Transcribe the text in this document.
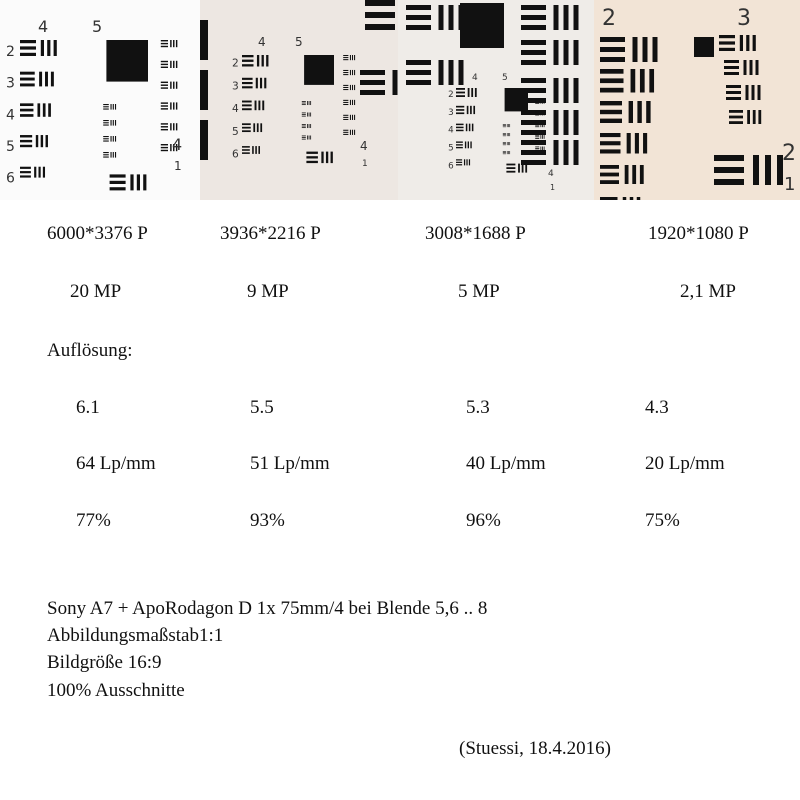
4	5
2
3
4
5
6
4
1
4 5
2
3
4
5
6
4
1
4	5
2
3
4
5
6
4
1
2	3
2
1
6000*3376 P	3936*2216 P	3008*1688 P	1920*1080 P
20 MP	9 MP	5 MP	2,1 MP
Auflösung:
6.1	5.5	5.3	4.3
64 Lp/mm	51 Lp/mm	40 Lp/mm	20 Lp/mm
77%	93%	96%	75%
Sony A7 + ApoRodagon D 1x 75mm/4 bei Blende 5,6 .. 8
Abbildungsmaßstab1:1
Bildgröße 16:9
100% Ausschnitte
(Stuessi, 18.4.2016)
